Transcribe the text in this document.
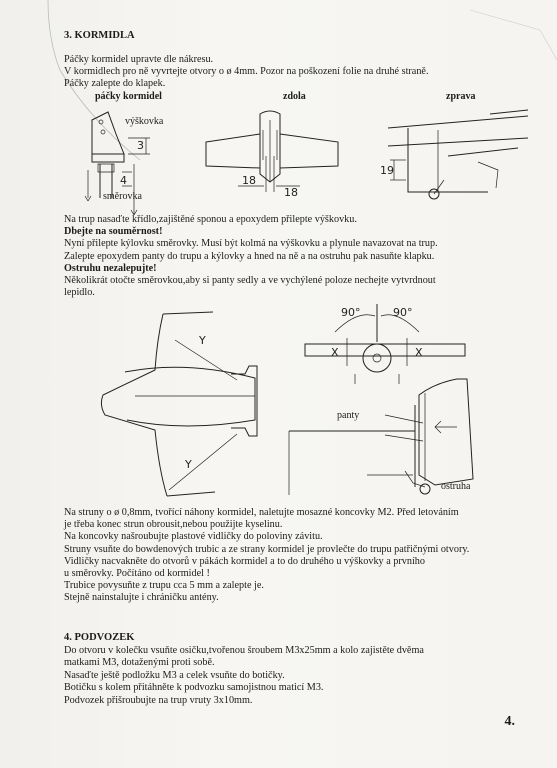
3. KORMIDLA
Páčky kormidel upravte dle nákresu.
V kormidlech pro ně vyvrtejte otvory o ø 4mm. Pozor na poškození folie na druhé straně.
Páčky zalepte do klapek.
páčky kormidel	zdola	zprava
3
4
výškovka
směrovka
18
18
19
Na trup nasaďte křídlo,zajištěné sponou a epoxydem přilepte výškovku.
Dbejte na souměrnost!
Nyní přilepte kýlovku směrovky. Musí být kolmá na výškovku a plynule navazovat na trup.
Zalepte epoxydem panty do trupu a kýlovky a hned na ně a na ostruhu pak nasuňte klapku.
Ostruhu nezalepujte!
Několikrát otočte směrovkou,aby si panty sedly a ve vychýlené poloze nechejte vytvrdnout
lepidlo.
Y
Y
90°	90°
X	X
panty
ostruha
Na struny o ø 0,8mm, tvořící náhony kormidel, naletujte mosazné koncovky M2. Před letováním
je třeba konec strun obrousit,nebou použijte kyselinu.
Na koncovky našroubujte plastové vidličky do poloviny závitu.
Struny vsuňte do bowdenových trubic a ze strany kormidel je provlečte do trupu patřičnými otvory.
Vidličky nacvakněte do otvorů v pákách kormidel a to do druhého u výškovky a prvního
u směrovky. Počítáno od kormidel !
Trubice povysuňte z trupu cca 5 mm a zalepte je.
Stejně nainstalujte i chráničku antény.
4. PODVOZEK
Do otvoru v kolečku vsuňte osičku,tvořenou šroubem M3x25mm a kolo zajistěte dvěma
matkami M3, dotaženými proti sobě.
Nasaďte ještě podložku M3 a celek vsuňte do botičky.
Botičku s kolem přitáhněte k podvozku samojistnou maticí M3.
Podvozek přišroubujte na trup vruty 3x10mm.
4.
